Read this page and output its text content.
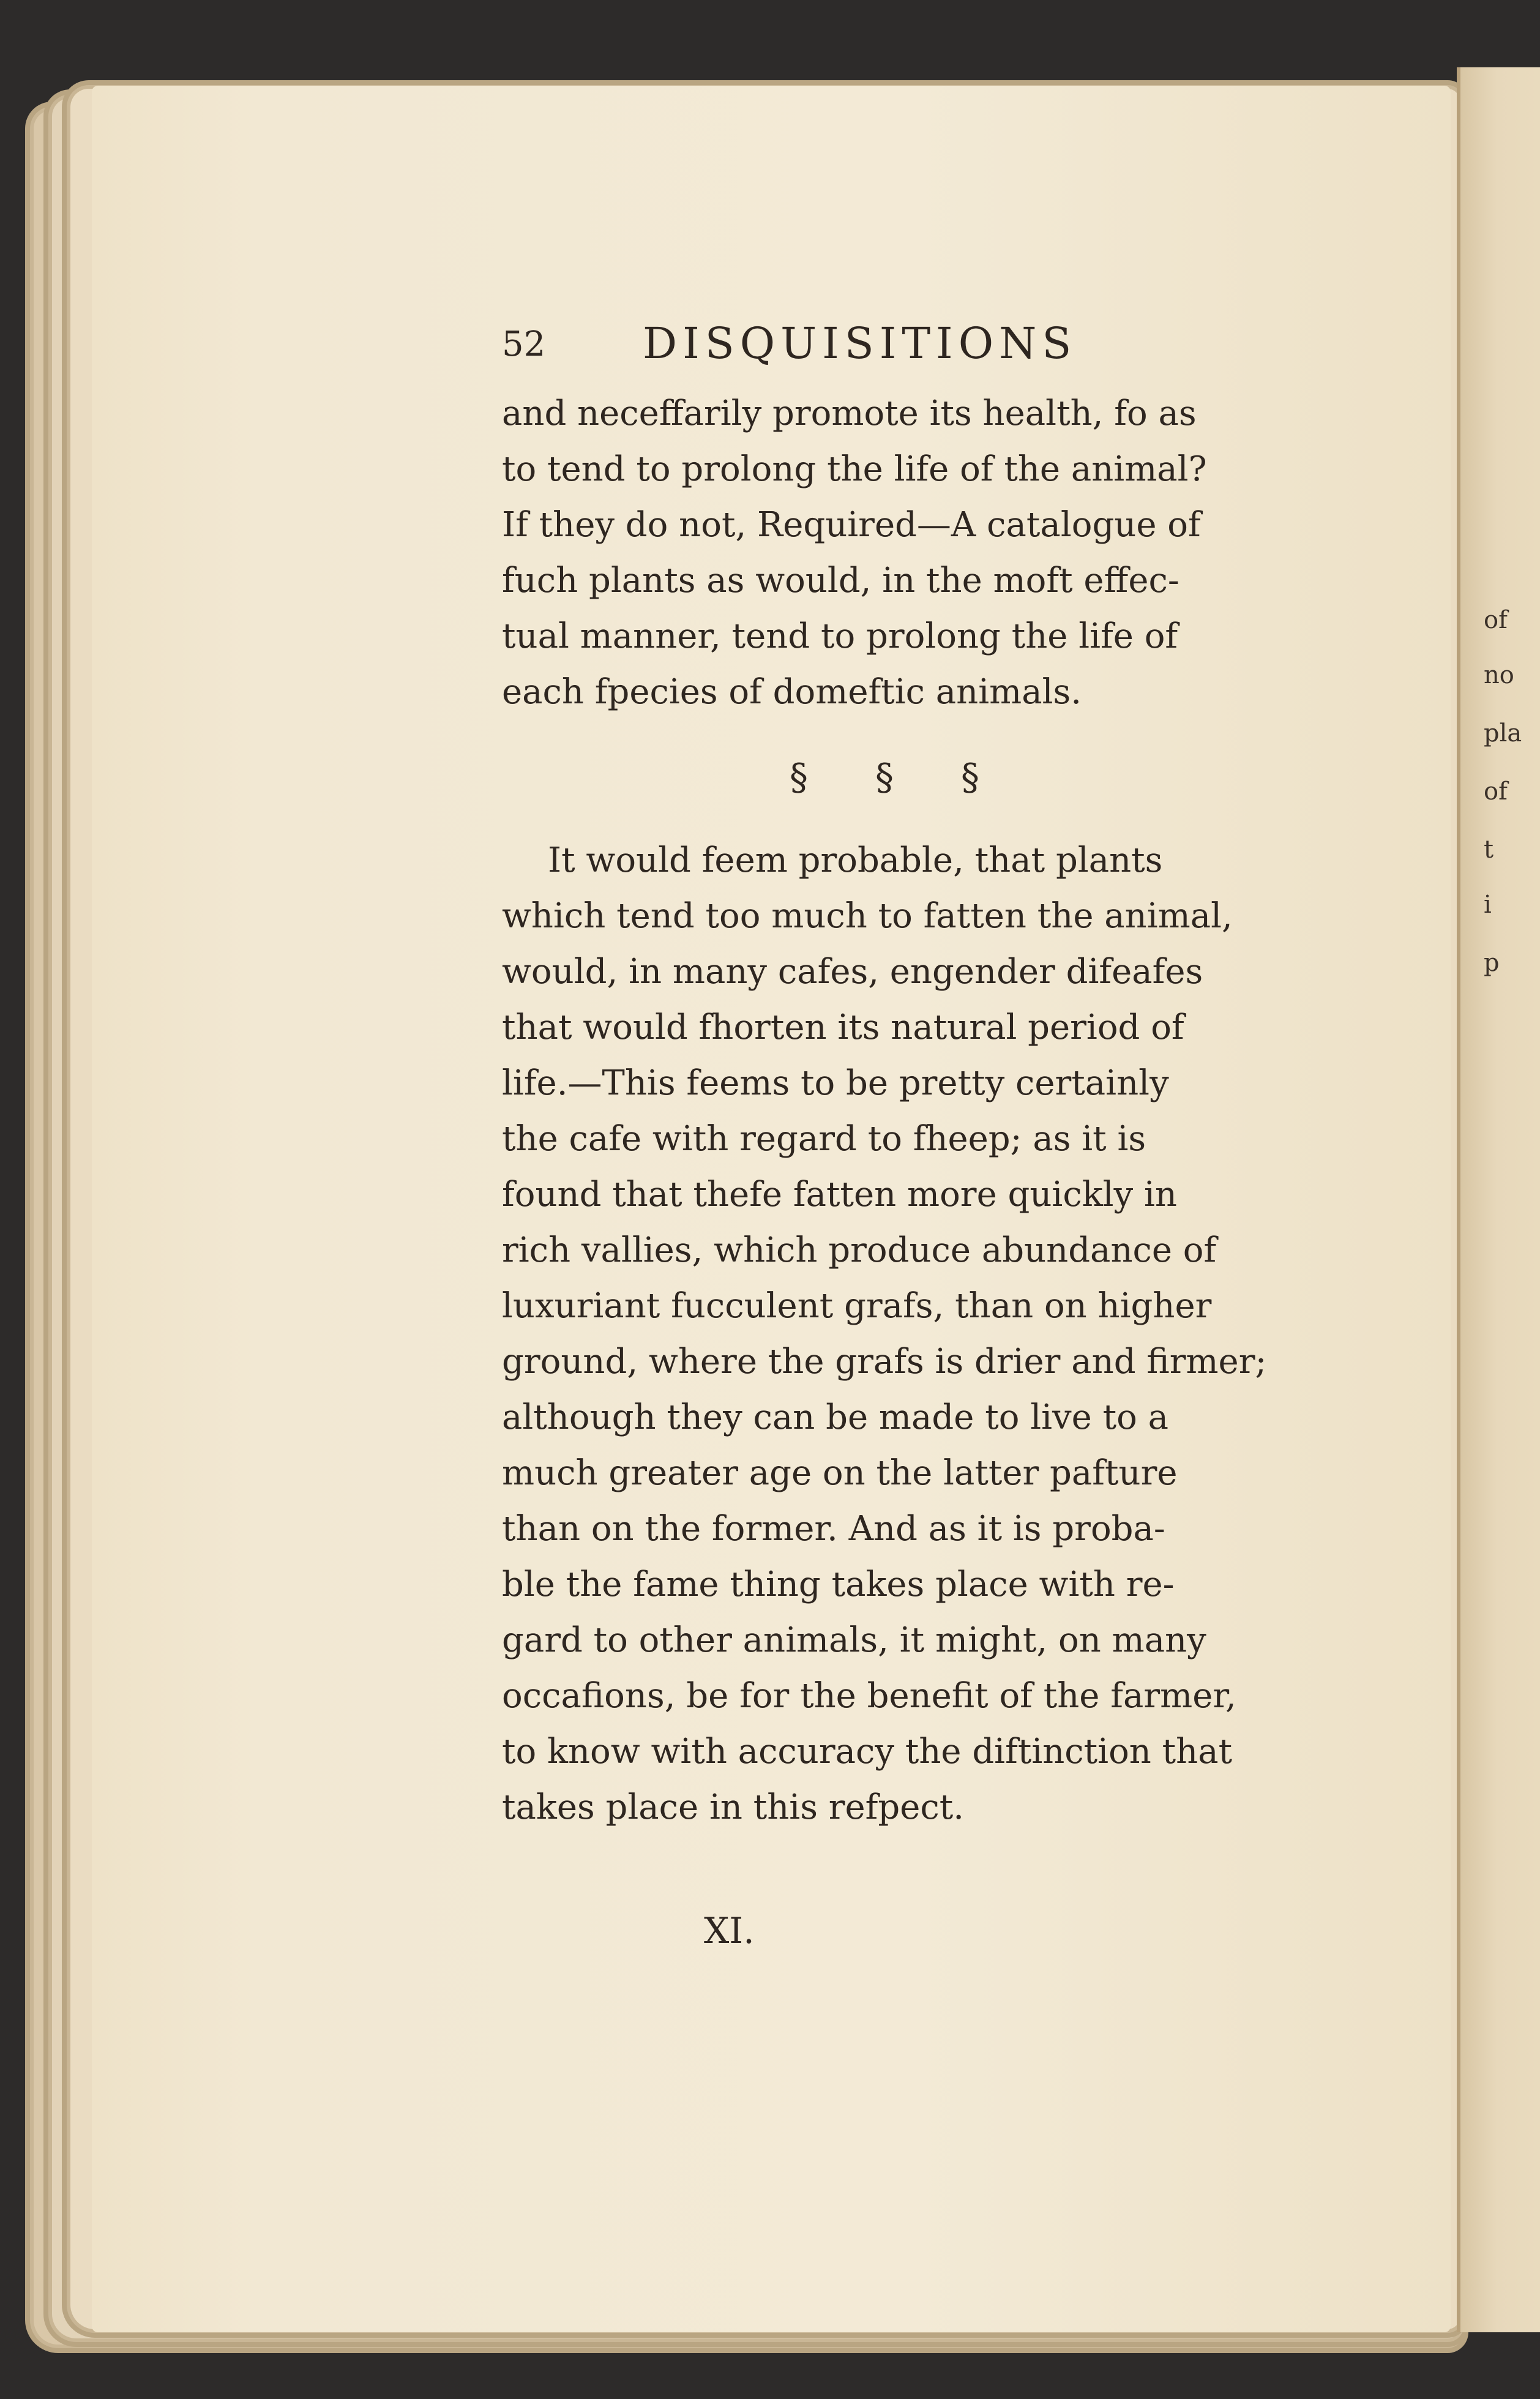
of
no
pla
of
t
i
p
52 DISQUISITIONS

and neceffarily promote its health, fo as
to tend to prolong the life of the animal?
If they do not, Required—A catalogue of
fuch plants as would, in the moft effec-
tual manner, tend to prolong the life of
each fpecies of domeftic animals.

§ § §

It would feem probable, that plants
which tend too much to fatten the animal,
would, in many cafes, engender difeafes
that would fhorten its natural period of
life.—This feems to be pretty certainly
the cafe with regard to fheep; as it is
found that thefe fatten more quickly in
rich vallies, which produce abundance of
luxuriant fucculent grafs, than on higher
ground, where the grafs is drier and firmer;
although they can be made to live to a
much greater age on the latter pafture
than on the former. And as it is proba-
ble the fame thing takes place with re-
gard to other animals, it might, on many
occafions, be for the benefit of the farmer,
to know with accuracy the diftinction that
takes place in this refpect.

XI.
